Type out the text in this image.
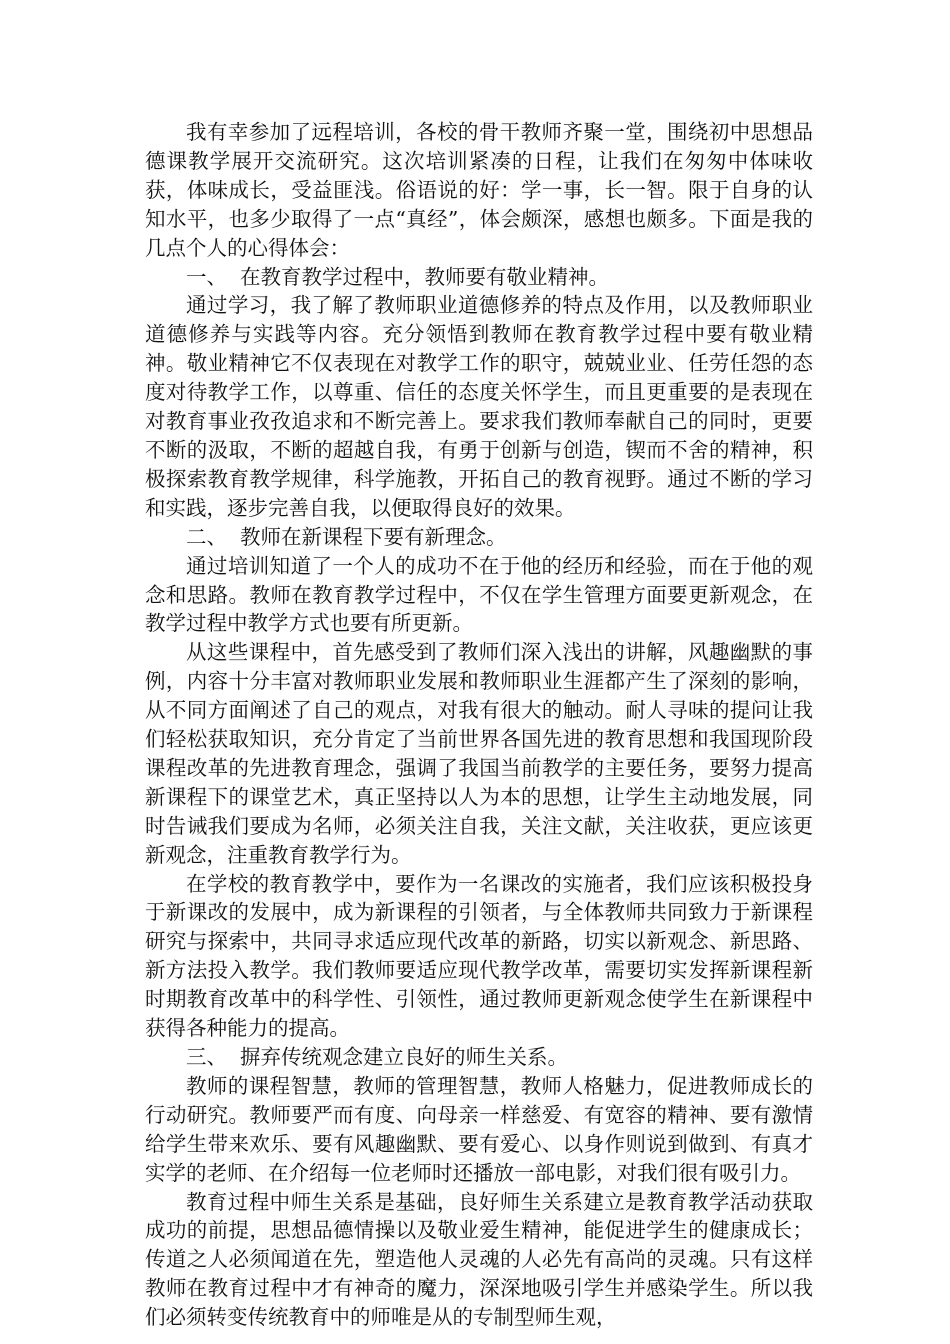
我有幸参加了远程培训，各校的骨干教师齐聚一堂，围绕初中思想品德课教学展开交流研究。这次培训紧凑的日程，让我们在匆匆中体味收获，体味成长，受益匪浅。俗语说的好：学一事，长一智。限于自身的认知水平，也多少取得了一点“真经”，体会颇深，感想也颇多。下面是我的几点个人的心得体会：

一、  在教育教学过程中，教师要有敬业精神。

通过学习，我了解了教师职业道德修养的特点及作用，以及教师职业道德修养与实践等内容。充分领悟到教师在教育教学过程中要有敬业精神。敬业精神它不仅表现在对教学工作的职守，兢兢业业、任劳任怨的态度对待教学工作，以尊重、信任的态度关怀学生，而且更重要的是表现在对教育事业孜孜追求和不断完善上。要求我们教师奉献自己的同时，更要不断的汲取，不断的超越自我，有勇于创新与创造，锲而不舍的精神，积极探索教育教学规律，科学施教，开拓自己的教育视野。通过不断的学习和实践，逐步完善自我，以便取得良好的效果。

二、  教师在新课程下要有新理念。

通过培训知道了一个人的成功不在于他的经历和经验，而在于他的观念和思路。教师在教育教学过程中，不仅在学生管理方面要更新观念，在教学过程中教学方式也要有所更新。

从这些课程中，首先感受到了教师们深入浅出的讲解，风趣幽默的事例，内容十分丰富对教师职业发展和教师职业生涯都产生了深刻的影响，从不同方面阐述了自己的观点，对我有很大的触动。耐人寻味的提问让我们轻松获取知识，充分肯定了当前世界各国先进的教育思想和我国现阶段课程改革的先进教育理念，强调了我国当前教学的主要任务，要努力提高新课程下的课堂艺术，真正坚持以人为本的思想，让学生主动地发展，同时告诫我们要成为名师，必须关注自我，关注文献，关注收获，更应该更新观念，注重教育教学行为。

在学校的教育教学中，要作为一名课改的实施者，我们应该积极投身于新课改的发展中，成为新课程的引领者，与全体教师共同致力于新课程研究与探索中，共同寻求适应现代改革的新路，切实以新观念、新思路、新方法投入教学。我们教师要适应现代教学改革，需要切实发挥新课程新时期教育改革中的科学性、引领性，通过教师更新观念使学生在新课程中获得各种能力的提高。

三、  摒弃传统观念建立良好的师生关系。

教师的课程智慧，教师的管理智慧，教师人格魅力，促进教师成长的行动研究。教师要严而有度、向母亲一样慈爱、有宽容的精神、要有激情给学生带来欢乐、要有风趣幽默、要有爱心、以身作则说到做到、有真才实学的老师、在介绍每一位老师时还播放一部电影，对我们很有吸引力。

教育过程中师生关系是基础，良好师生关系建立是教育教学活动获取成功的前提，思想品德情操以及敬业爱生精神，能促进学生的健康成长；传道之人必须闻道在先，塑造他人灵魂的人必先有高尚的灵魂。只有这样教师在教育过程中才有神奇的魔力，深深地吸引学生并感染学生。所以我们必须转变传统教育中的师唯是从的专制型师生观，
